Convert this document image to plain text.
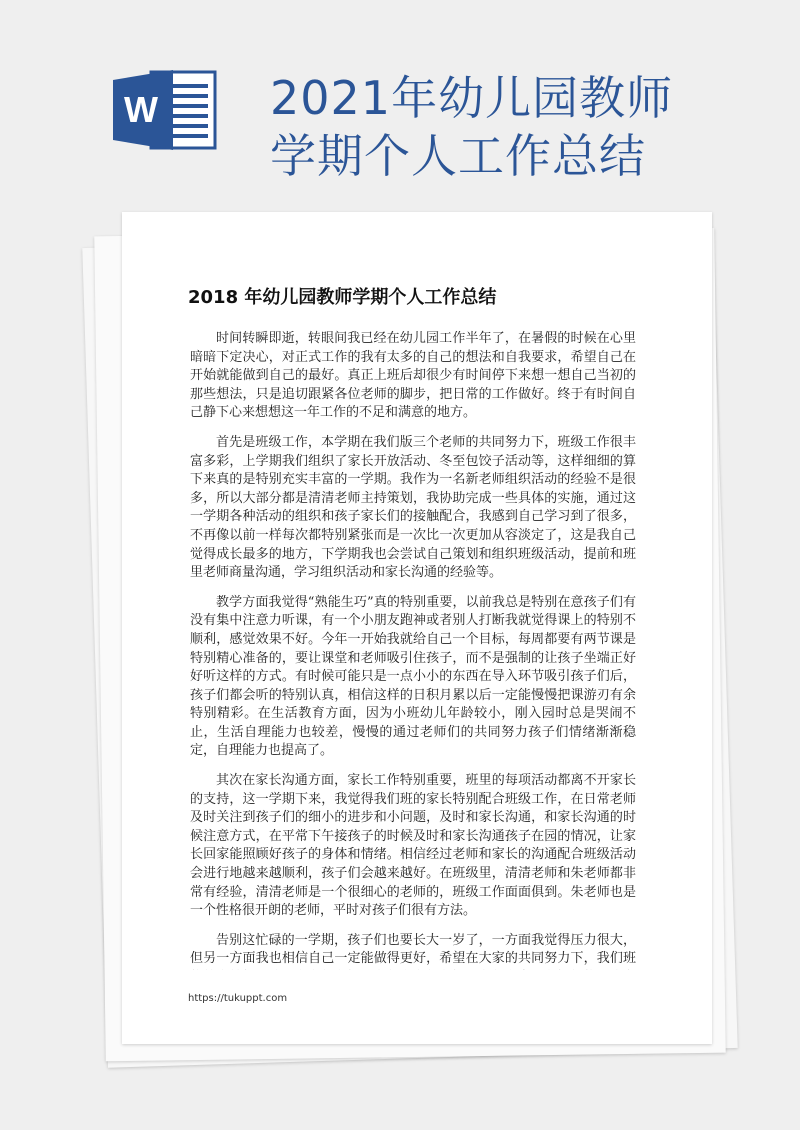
W 2021年幼儿园教师
学期个人工作总结
2018 年幼儿园教师学期个人工作总结

时间转瞬即逝，转眼间我已经在幼儿园工作半年了，在暑假的时候在心里暗暗下定决心，对正式工作的我有太多的自己的想法和自我要求，希望自己在开始就能做到自己的最好。真正上班后却很少有时间停下来想一想自己当初的那些想法，只是追切跟紧各位老师的脚步，把日常的工作做好。终于有时间自己静下心来想想这一年工作的不足和满意的地方。

首先是班级工作，本学期在我们版三个老师的共同努力下，班级工作很丰富多彩，上学期我们组织了家长开放活动、冬至包饺子活动等，这样细细的算下来真的是特别充实丰富的一学期。我作为一名新老师组织活动的经验不是很多，所以大部分都是清清老师主持策划，我协助完成一些具体的实施，通过这一学期各种活动的组织和孩子家长们的接触配合，我感到自己学习到了很多，不再像以前一样每次都特别紧张而是一次比一次更加从容淡定了，这是我自己觉得成长最多的地方，下学期我也会尝试自己策划和组织班级活动，提前和班里老师商量沟通，学习组织活动和家长沟通的经验等。

教学方面我觉得“熟能生巧”真的特别重要，以前我总是特别在意孩子们有没有集中注意力听课，有一个小朋友跑神或者别人打断我就觉得课上的特别不顺利，感觉效果不好。今年一开始我就给自己一个目标，每周都要有两节课是特别精心准备的，要让课堂和老师吸引住孩子，而不是强制的让孩子坐端正好好听这样的方式。有时候可能只是一点小小的东西在导入环节吸引孩子们后，孩子们都会听的特别认真，相信这样的日积月累以后一定能慢慢把课游刃有余特别精彩。在生活教育方面，因为小班幼儿年龄较小，刚入园时总是哭闹不止，生活自理能力也较差，慢慢的通过老师们的共同努力孩子们情绪渐渐稳定，自理能力也提高了。

其次在家长沟通方面，家长工作特别重要，班里的每项活动都离不开家长的支持，这一学期下来，我觉得我们班的家长特别配合班级工作，在日常老师及时关注到孩子们的细小的进步和小问题，及时和家长沟通，和家长沟通的时候注意方式，在平常下午接孩子的时候及时和家长沟通孩子在园的情况，让家长回家能照顾好孩子的身体和情绪。相信经过老师和家长的沟通配合班级活动会进行地越来越顺利，孩子们会越来越好。在班级里，清清老师和朱老师都非常有经验，清清老师是一个很细心的老师的，班级工作面面俱到。朱老师也是一个性格很开朗的老师，平时对孩子们很有方法。

告别这忙碌的一学期，孩子们也要长大一岁了，一方面我觉得压力很大，但另一方面我也相信自己一定能做得更好，希望在大家的共同努力下，我们班

https://tukuppt.com
